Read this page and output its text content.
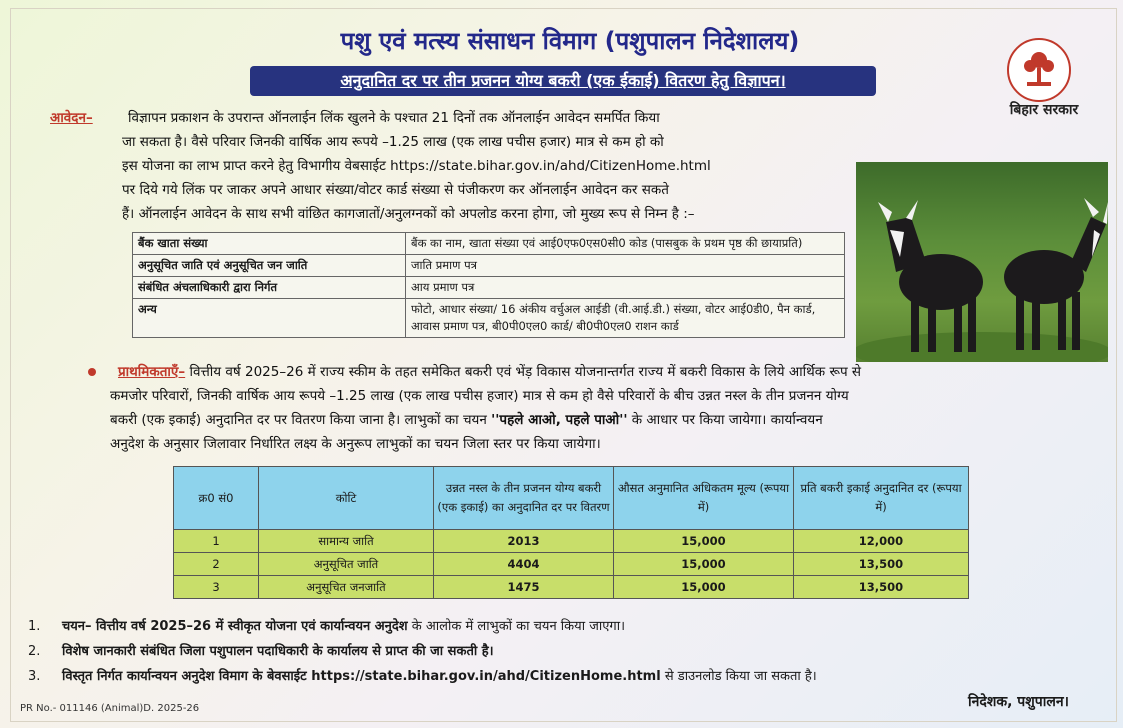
पशु एवं मत्स्य संसाधन विमाग (पशुपालन निदेशालय)
अनुदानित दर पर तीन प्रजनन योग्य बकरी (एक ईकाई) वितरण हेतु विज्ञापन।
बिहार सरकार
आवेदन–	विज्ञापन प्रकाशन के उपरान्त ऑनलाईन लिंक खुलने के पश्चात 21 दिनों तक ऑनलाईन आवेदन समर्पित किया
जा सकता है। वैसे परिवार जिनकी वार्षिक आय रूपये –1.25 लाख (एक लाख पचीस हजार) मात्र से कम हो को
इस योजना का लाभ प्राप्त करने हेतु विभागीय वेबसाईट https://state.bihar.gov.in/ahd/CitizenHome.html
पर दिये गये लिंक पर जाकर अपने आधार संख्या/वोटर कार्ड संख्या से पंजीकरण कर ऑनलाईन आवेदन कर सकते
हैं। ऑनलाईन आवेदन के साथ सभी वांछित कागजातों/अनुलग्नकों को अपलोड करना होगा, जो मुख्य रूप से निम्न है :–
बैंक खाता संख्या	बैंक का नाम, खाता संख्या एवं आई0एफ0एस0सी0 कोड (पासबुक के प्रथम पृष्ठ की छायाप्रति)
अनुसूचित जाति एवं अनुसूचित जन जाति	जाति प्रमाण पत्र
संबंधित अंचलाधिकारी द्वारा निर्गत	आय प्रमाण पत्र
अन्य	फोटो, आधार संख्या/ 16 अंकीय वर्चुअल आईडी (वी.आई.डी.) संख्या, वोटर आई0डी0, पैन कार्ड, आवास प्रमाण पत्र, बी0पी0एल0 कार्ड/ बी0पी0एल0 राशन कार्ड
प्राथमिकताएँ– वित्तीय वर्ष 2025–26 में राज्य स्कीम के तहत समेकित बकरी एवं भेंड़ विकास योजनान्तर्गत राज्य में बकरी विकास के लिये आर्थिक रूप से
कमजोर परिवारों, जिनकी वार्षिक आय रूपये –1.25 लाख (एक लाख पचीस हजार) मात्र से कम हो वैसे परिवारों के बीच उन्नत नस्ल के तीन प्रजनन योग्य
बकरी (एक इकाई) अनुदानित दर पर वितरण किया जाना है। लाभुकों का चयन ''पहले आओ, पहले पाओ'' के आधार पर किया जायेगा। कार्यान्वयन
अनुदेश के अनुसार जिलावार निर्धारित लक्ष्य के अनुरूप लाभुकों का चयन जिला स्तर पर किया जायेगा।
क्र0 सं0	कोटि	उन्नत नस्ल के तीन प्रजनन योग्य बकरी (एक इकाई) का अनुदानित दर पर वितरण	औसत अनुमानित अधिकतम मूल्य (रूपया में)	प्रति बकरी इकाई अनुदानित दर (रूपया में)
1	सामान्य जाति	2013	15,000	12,000
2	अनुसूचित जाति	4404	15,000	13,500
3	अनुसूचित जनजाति	1475	15,000	13,500
1. चयन– वित्तीय वर्ष 2025–26 में स्वीकृत योजना एवं कार्यान्वयन अनुदेश के आलोक में लाभुकों का चयन किया जाएगा।
2. विशेष जानकारी संबंधित जिला पशुपालन पदाधिकारी के कार्यालय से प्राप्त की जा सकती है।
3. विस्तृत निर्गत कार्यान्वयन अनुदेश विमाग के बेवसाईट https://state.bihar.gov.in/ahd/CitizenHome.html से डाउनलोड किया जा सकता है।
PR No.- 011146 (Animal)D. 2025-26	निदेशक, पशुपालन।
